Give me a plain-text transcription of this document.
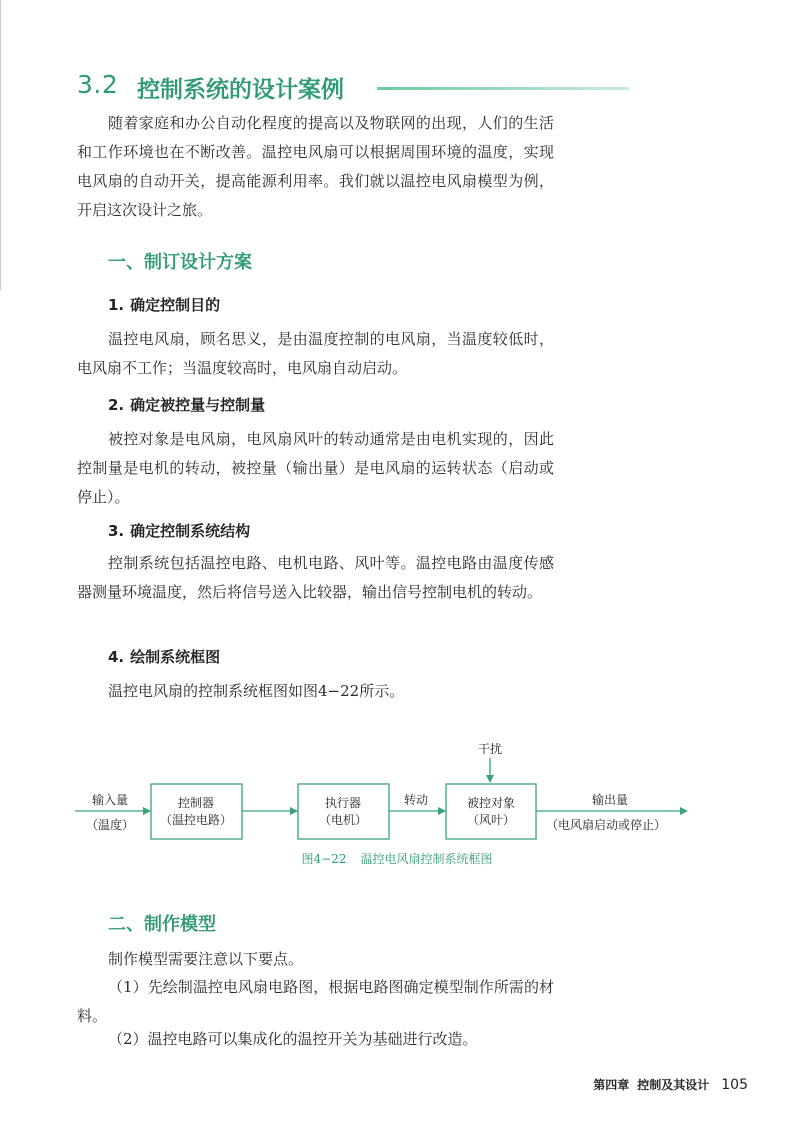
3.2 控制系统的设计案例

随着家庭和办公自动化程度的提高以及物联网的出现，人们的生活和工作环境也在不断改善。温控电风扇可以根据周围环境的温度，实现电风扇的自动开关，提高能源利用率。我们就以温控电风扇模型为例，开启这次设计之旅。

一、制订设计方案
1. 确定控制目的

温控电风扇，顾名思义，是由温度控制的电风扇，当温度较低时，电风扇不工作；当温度较高时，电风扇自动启动。

2. 确定被控量与控制量

被控对象是电风扇，电风扇风叶的转动通常是由电机实现的，因此控制量是电机的转动，被控量（输出量）是电风扇的运转状态（启动或停止）。

3. 确定控制系统结构

控制系统包括温控电路、电机电路、风叶等。温控电路由温度传感器测量环境温度，然后将信号送入比较器，输出信号控制电机的转动。

4. 绘制系统框图

温控电风扇的控制系统框图如图4−22所示。

控制器
（温控电路）
执行器
（电机）
被控对象
（风叶）
输入量
（温度）
转动
干扰
输出量
（电风扇启动或停止）
图4−22 温控电风扇控制系统框图
二、制作模型

制作模型需要注意以下要点。

（1）先绘制温控电风扇电路图，根据电路图确定模型制作所需的材料。

（2）温控电路可以集成化的温控开关为基础进行改造。

第四章 控制及其设计 105
